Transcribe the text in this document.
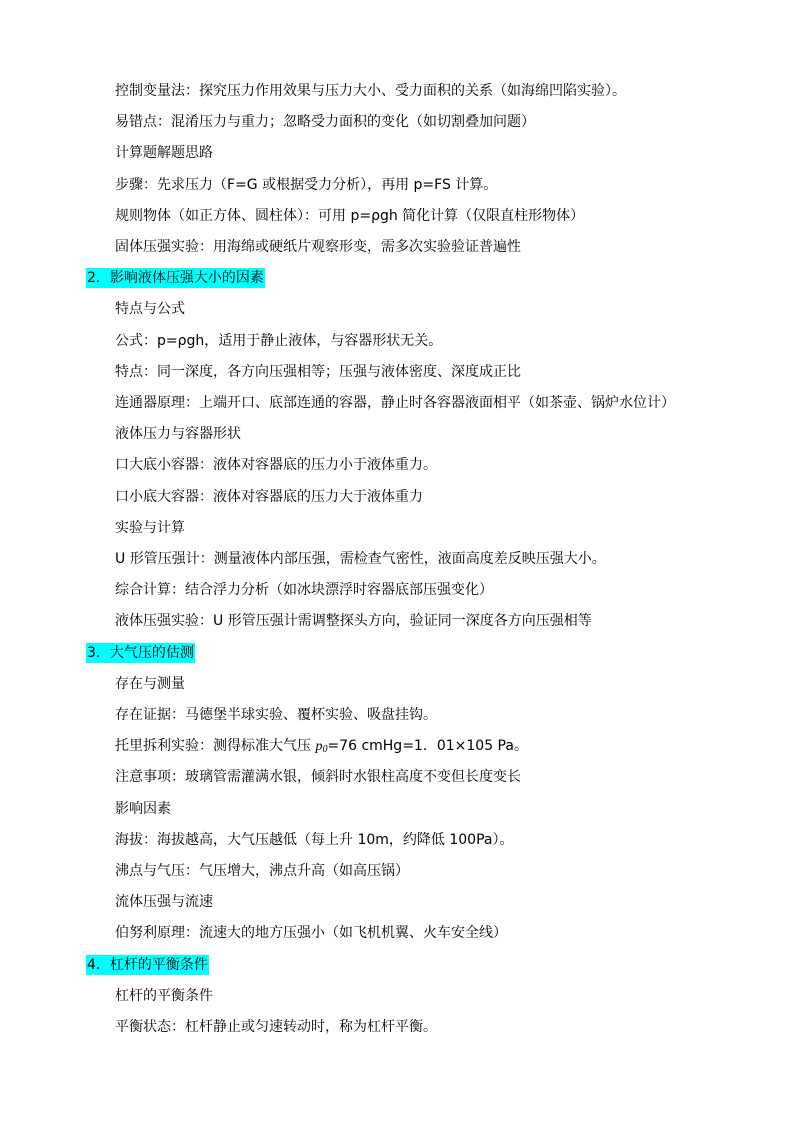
控制变量法：探究压力作用效果与压力大小、受力面积的关系（如海绵凹陷实验）。
易错点：混淆压力与重力；忽略受力面积的变化（如切割叠加问题）
计算题解题思路
步骤：先求压力（F=G 或根据受力分析），再用 p=FS 计算。
规则物体（如正方体、圆柱体）：可用 p=ρgh 简化计算（仅限直柱形物体）
固体压强实验：用海绵或硬纸片观察形变，需多次实验验证普遍性
2．影响液体压强大小的因素
特点与公式
公式：p=ρgh，适用于静止液体，与容器形状无关。
特点：同一深度，各方向压强相等；压强与液体密度、深度成正比
连通器原理：上端开口、底部连通的容器，静止时各容器液面相平（如茶壶、锅炉水位计）
液体压力与容器形状
口大底小容器：液体对容器底的压力小于液体重力。
口小底大容器：液体对容器底的压力大于液体重力
实验与计算
U 形管压强计：测量液体内部压强，需检查气密性，液面高度差反映压强大小。
综合计算：结合浮力分析（如冰块漂浮时容器底部压强变化）
液体压强实验：U 形管压强计需调整探头方向，验证同一深度各方向压强相等
3．大气压的估测
存在与测量
存在证据：马德堡半球实验、覆杯实验、吸盘挂钩。
托里拆利实验：测得标准大气压 $p_0=76$ cmHg=1．01×105 Pa。
注意事项：玻璃管需灌满水银，倾斜时水银柱高度不变但长度变长
影响因素
海拔：海拔越高，大气压越低（每上升 10m，约降低 100Pa）。
沸点与气压：气压增大，沸点升高（如高压锅）
流体压强与流速
伯努利原理：流速大的地方压强小（如飞机机翼、火车安全线）
4．杠杆的平衡条件
杠杆的平衡条件
平衡状态：杠杆静止或匀速转动时，称为杠杆平衡。
